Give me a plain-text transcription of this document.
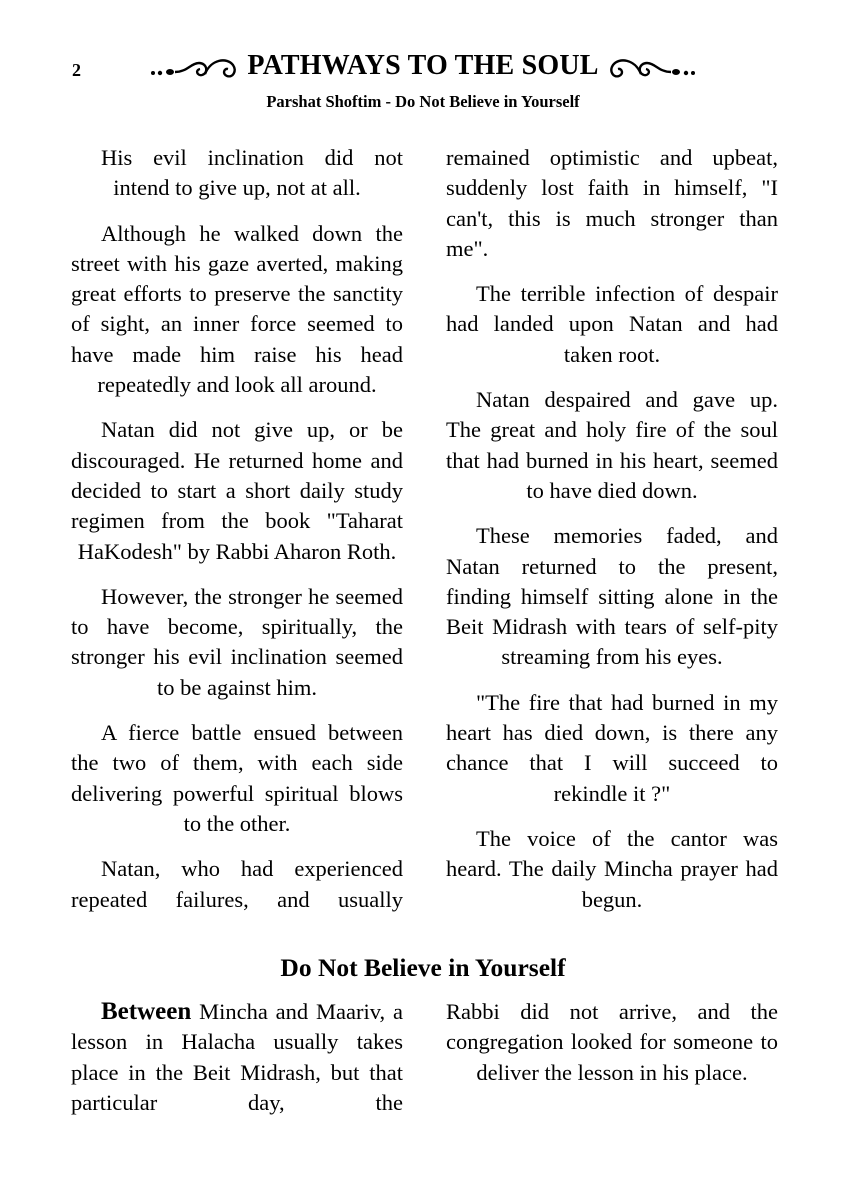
2	PATHWAYS TO THE SOUL
Parshat Shoftim - Do Not Believe in Yourself

His evil inclination did not intend to give up, not at all.

Although he walked down the street with his gaze averted, making great efforts to preserve the sanctity of sight, an inner force seemed to have made him raise his head repeatedly and look all around.

Natan did not give up, or be discouraged. He returned home and decided to start a short daily study regimen from the book "Taharat HaKodesh" by Rabbi Aharon Roth.

However, the stronger he seemed to have become, spiritually, the stronger his evil inclination seemed to be against him.

A fierce battle ensued between the two of them, with each side delivering powerful spiritual blows to the other.

Natan, who had experienced repeated failures, and usually

remained optimistic and upbeat, suddenly lost faith in himself, "I can't, this is much stronger than me".

The terrible infection of despair had landed upon Natan and had taken root.

Natan despaired and gave up. The great and holy fire of the soul that had burned in his heart, seemed to have died down.

These memories faded, and Natan returned to the present, finding himself sitting alone in the Beit Midrash with tears of self-pity streaming from his eyes.

"The fire that had burned in my heart has died down, is there any chance that I will succeed to rekindle it ?"

The voice of the cantor was heard. The daily Mincha prayer had begun.

Do Not Believe in Yourself

Between Mincha and Maariv, a lesson in Halacha usually takes place in the Beit Midrash, but that particular day, the

Rabbi did not arrive, and the congregation looked for someone to deliver the lesson in his place.
